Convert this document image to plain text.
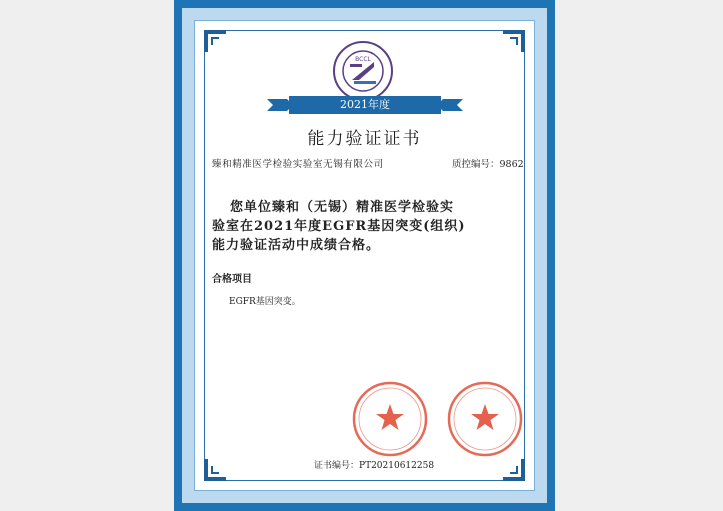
BCCL
2021年度
能力验证证书
臻和精准医学检验实验室无锡有限公司	质控编号：9862
您单位臻和（无锡）精准医学检验实
验室在2021年度EGFR基因突变(组织)
能力验证活动中成绩合格。
合格项目
EGFR基因突变。
证书编号：PT20210612258
